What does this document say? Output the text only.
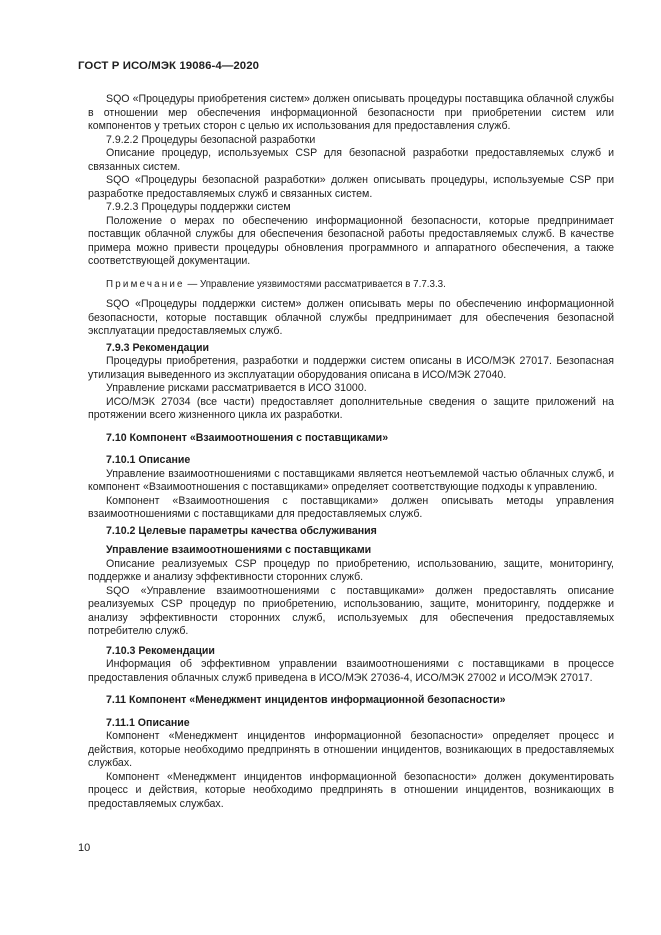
ГОСТ Р ИСО/МЭК 19086-4—2020

SQO «Процедуры приобретения систем» должен описывать процедуры поставщика облачной службы в отношении мер обеспечения информационной безопасности при приобретении систем или компонентов у третьих сторон с целью их использования для предоставления служб.

7.9.2.2 Процедуры безопасной разработки

Описание процедур, используемых CSP для безопасной разработки предоставляемых служб и связанных систем.

SQO «Процедуры безопасной разработки» должен описывать процедуры, используемые CSP при разработке предоставляемых служб и связанных систем.

7.9.2.3 Процедуры поддержки систем

Положение о мерах по обеспечению информационной безопасности, которые предпринимает поставщик облачной службы для обеспечения безопасной работы предоставляемых служб. В качестве примера можно привести процедуры обновления программного и аппаратного обеспечения, а также соответствующей документации.

Примечание — Управление уязвимостями рассматривается в 7.7.3.3.

SQO «Процедуры поддержки систем» должен описывать меры по обеспечению информационной безопасности, которые поставщик облачной службы предпринимает для обеспечения безопасной эксплуатации предоставляемых служб.

7.9.3 Рекомендации

Процедуры приобретения, разработки и поддержки систем описаны в ИСО/МЭК 27017. Безопасная утилизация выведенного из эксплуатации оборудования описана в ИСО/МЭК 27040.

Управление рисками рассматривается в ИСО 31000.

ИСО/МЭК 27034 (все части) предоставляет дополнительные сведения о защите приложений на протяжении всего жизненного цикла их разработки.

7.10 Компонент «Взаимоотношения с поставщиками»
7.10.1 Описание

Управление взаимоотношениями с поставщиками является неотъемлемой частью облачных служб, и компонент «Взаимоотношения с поставщиками» определяет соответствующие подходы к управлению.

Компонент «Взаимоотношения с поставщиками» должен описывать методы управления взаимоотношениями с поставщиками для предоставляемых служб.

7.10.2 Целевые параметры качества обслуживания
Управление взаимоотношениями с поставщиками

Описание реализуемых CSP процедур по приобретению, использованию, защите, мониторингу, поддержке и анализу эффективности сторонних служб.

SQO «Управление взаимоотношениями с поставщиками» должен предоставлять описание реализуемых CSP процедур по приобретению, использованию, защите, мониторингу, поддержке и анализу эффективности сторонних служб, используемых для обеспечения предоставляемых потребителю служб.

7.10.3 Рекомендации

Информация об эффективном управлении взаимоотношениями с поставщиками в процессе предоставления облачных служб приведена в ИСО/МЭК 27036-4, ИСО/МЭК 27002 и ИСО/МЭК 27017.

7.11 Компонент «Менеджмент инцидентов информационной безопасности»
7.11.1 Описание

Компонент «Менеджмент инцидентов информационной безопасности» определяет процесс и действия, которые необходимо предпринять в отношении инцидентов, возникающих в предоставляемых службах.

Компонент «Менеджмент инцидентов информационной безопасности» должен документировать процесс и действия, которые необходимо предпринять в отношении инцидентов, возникающих в предоставляемых службах.

10
